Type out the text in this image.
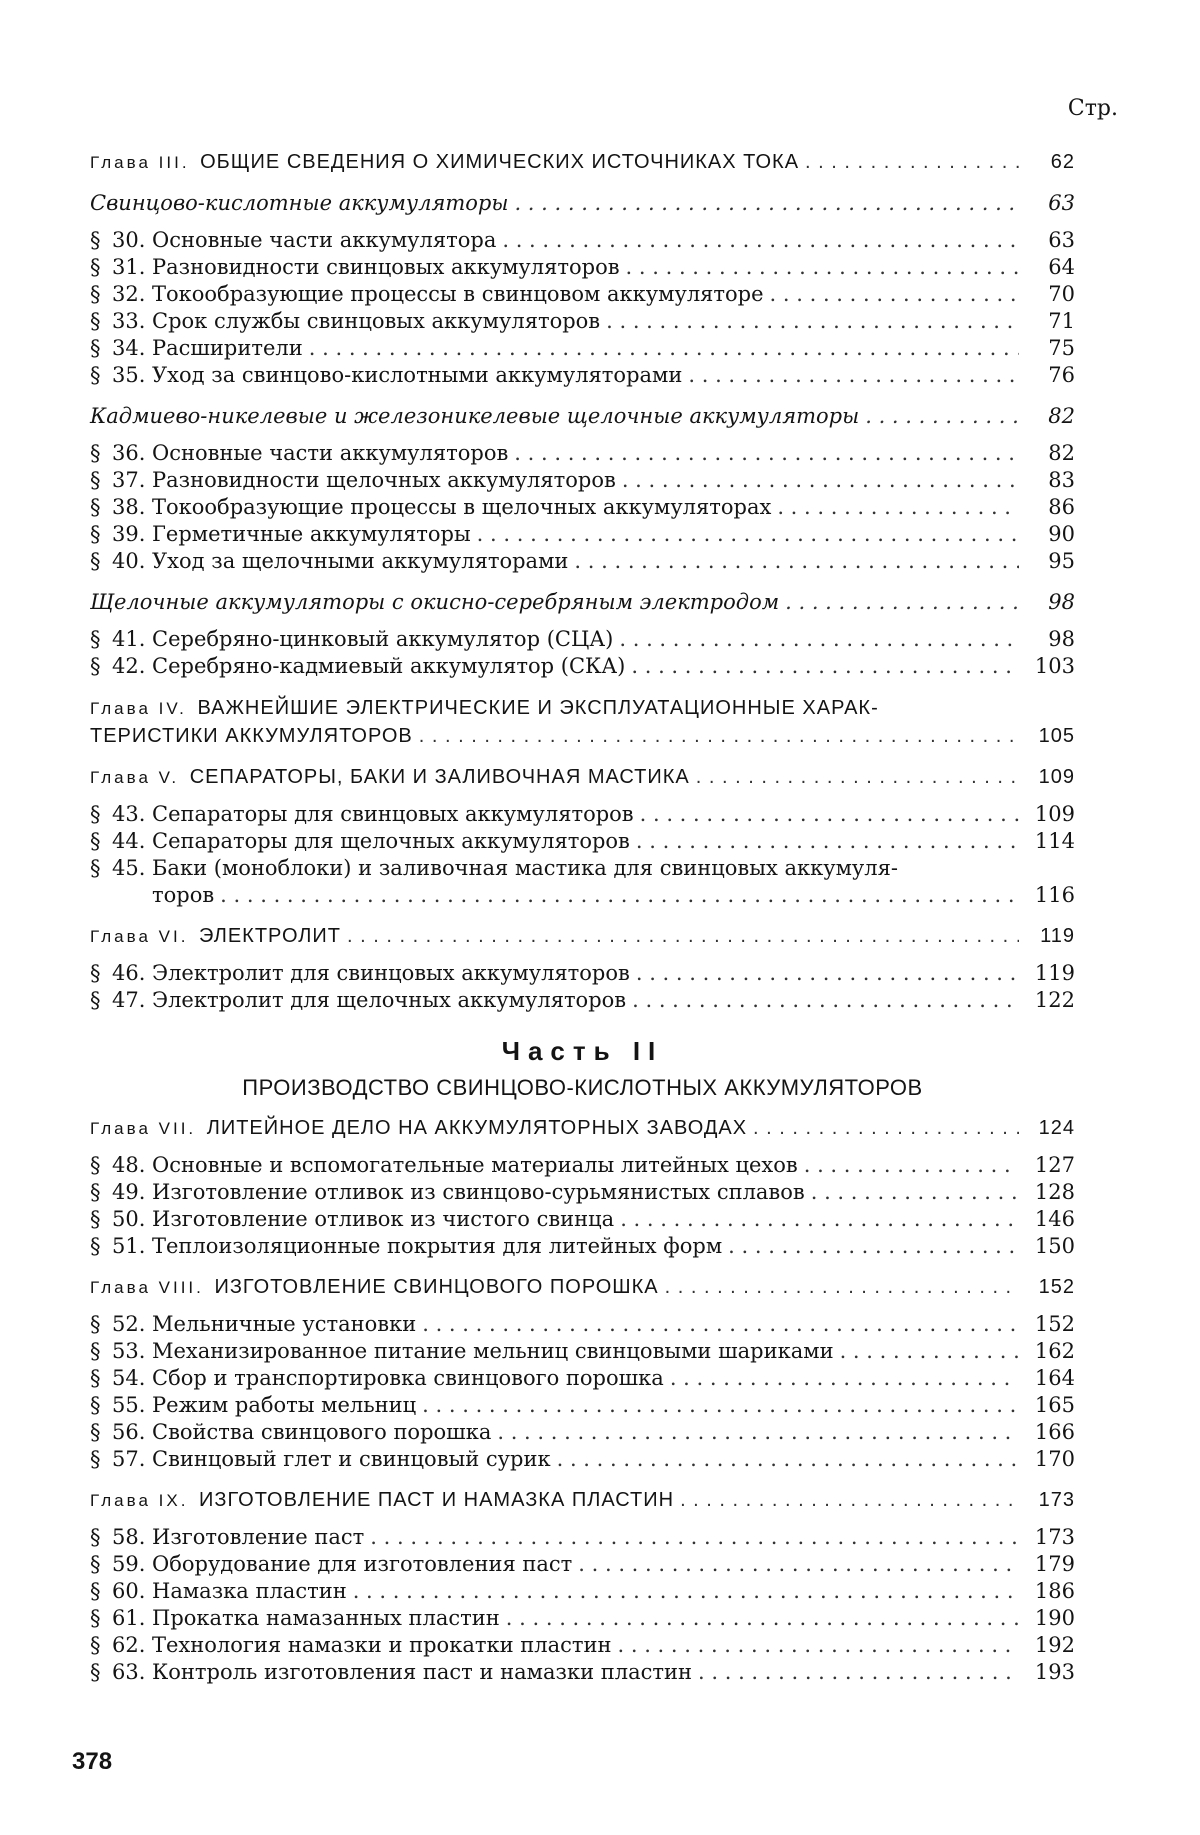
Стр.
Глава III. ОБЩИЕ СВЕДЕНИЯ О ХИМИЧЕСКИХ ИСТОЧНИКАХ ТОКА . . .	62
Свинцово-кислотные аккумуляторы . . .	63
§ 30. Основные части аккумулятора . . .	63
§ 31. Разновидности свинцовых аккумуляторов . . .	64
§ 32. Токообразующие процессы в свинцовом аккумуляторе . . .	70
§ 33. Срок службы свинцовых аккумуляторов . . .	71
§ 34. Расширители . . .	75
§ 35. Уход за свинцово-кислотными аккумуляторами . . .	76
Кадмиево-никелевые и железоникелевые щелочные аккумуляторы . . .	82
§ 36. Основные части аккумуляторов . . .	82
§ 37. Разновидности щелочных аккумуляторов . . .	83
§ 38. Токообразующие процессы в щелочных аккумуляторах . . .	86
§ 39. Герметичные аккумуляторы . . .	90
§ 40. Уход за щелочными аккумуляторами . . .	95
Щелочные аккумуляторы с окисно-серебряным электродом . . .	98
§ 41. Серебряно-цинковый аккумулятор (СЦА) . . .	98
§ 42. Серебряно-кадмиевый аккумулятор (СКА) . . .	103
Глава IV. ВАЖНЕЙШИЕ ЭЛЕКТРИЧЕСКИЕ И ЭКСПЛУАТАЦИОННЫЕ ХАРАК-
ТЕРИСТИКИ АККУМУЛЯТОРОВ . . .	105
Глава V. СЕПАРАТОРЫ, БАКИ И ЗАЛИВОЧНАЯ МАСТИКА . . .	109
§ 43. Сепараторы для свинцовых аккумуляторов . . .	109
§ 44. Сепараторы для щелочных аккумуляторов . . .	114
§ 45. Баки (моноблоки) и заливочная мастика для свинцовых аккумуля-
торов . . .	116
Глава VI. ЭЛЕКТРОЛИТ . . .	119
§ 46. Электролит для свинцовых аккумуляторов . . .	119
§ 47. Электролит для щелочных аккумуляторов . . .	122
Часть II
ПРОИЗВОДСТВО СВИНЦОВО-КИСЛОТНЫХ АККУМУЛЯТОРОВ
Глава VII. ЛИТЕЙНОЕ ДЕЛО НА АККУМУЛЯТОРНЫХ ЗАВОДАХ . . .	124
§ 48. Основные и вспомогательные материалы литейных цехов . . .	127
§ 49. Изготовление отливок из свинцово-сурьмянистых сплавов . . .	128
§ 50. Изготовление отливок из чистого свинца . . .	146
§ 51. Теплоизоляционные покрытия для литейных форм . . .	150
Глава VIII. ИЗГОТОВЛЕНИЕ СВИНЦОВОГО ПОРОШКА . . .	152
§ 52. Мельничные установки . . .	152
§ 53. Механизированное питание мельниц свинцовыми шариками . . .	162
§ 54. Сбор и транспортировка свинцового порошка . . .	164
§ 55. Режим работы мельниц . . .	165
§ 56. Свойства свинцового порошка . . .	166
§ 57. Свинцовый глет и свинцовый сурик . . .	170
Глава IX. ИЗГОТОВЛЕНИЕ ПАСТ И НАМАЗКА ПЛАСТИН . . .	173
§ 58. Изготовление паст . . .	173
§ 59. Оборудование для изготовления паст . . .	179
§ 60. Намазка пластин . . .	186
§ 61. Прокатка намазанных пластин . . .	190
§ 62. Технология намазки и прокатки пластин . . .	192
§ 63. Контроль изготовления паст и намазки пластин . . .	193
378
